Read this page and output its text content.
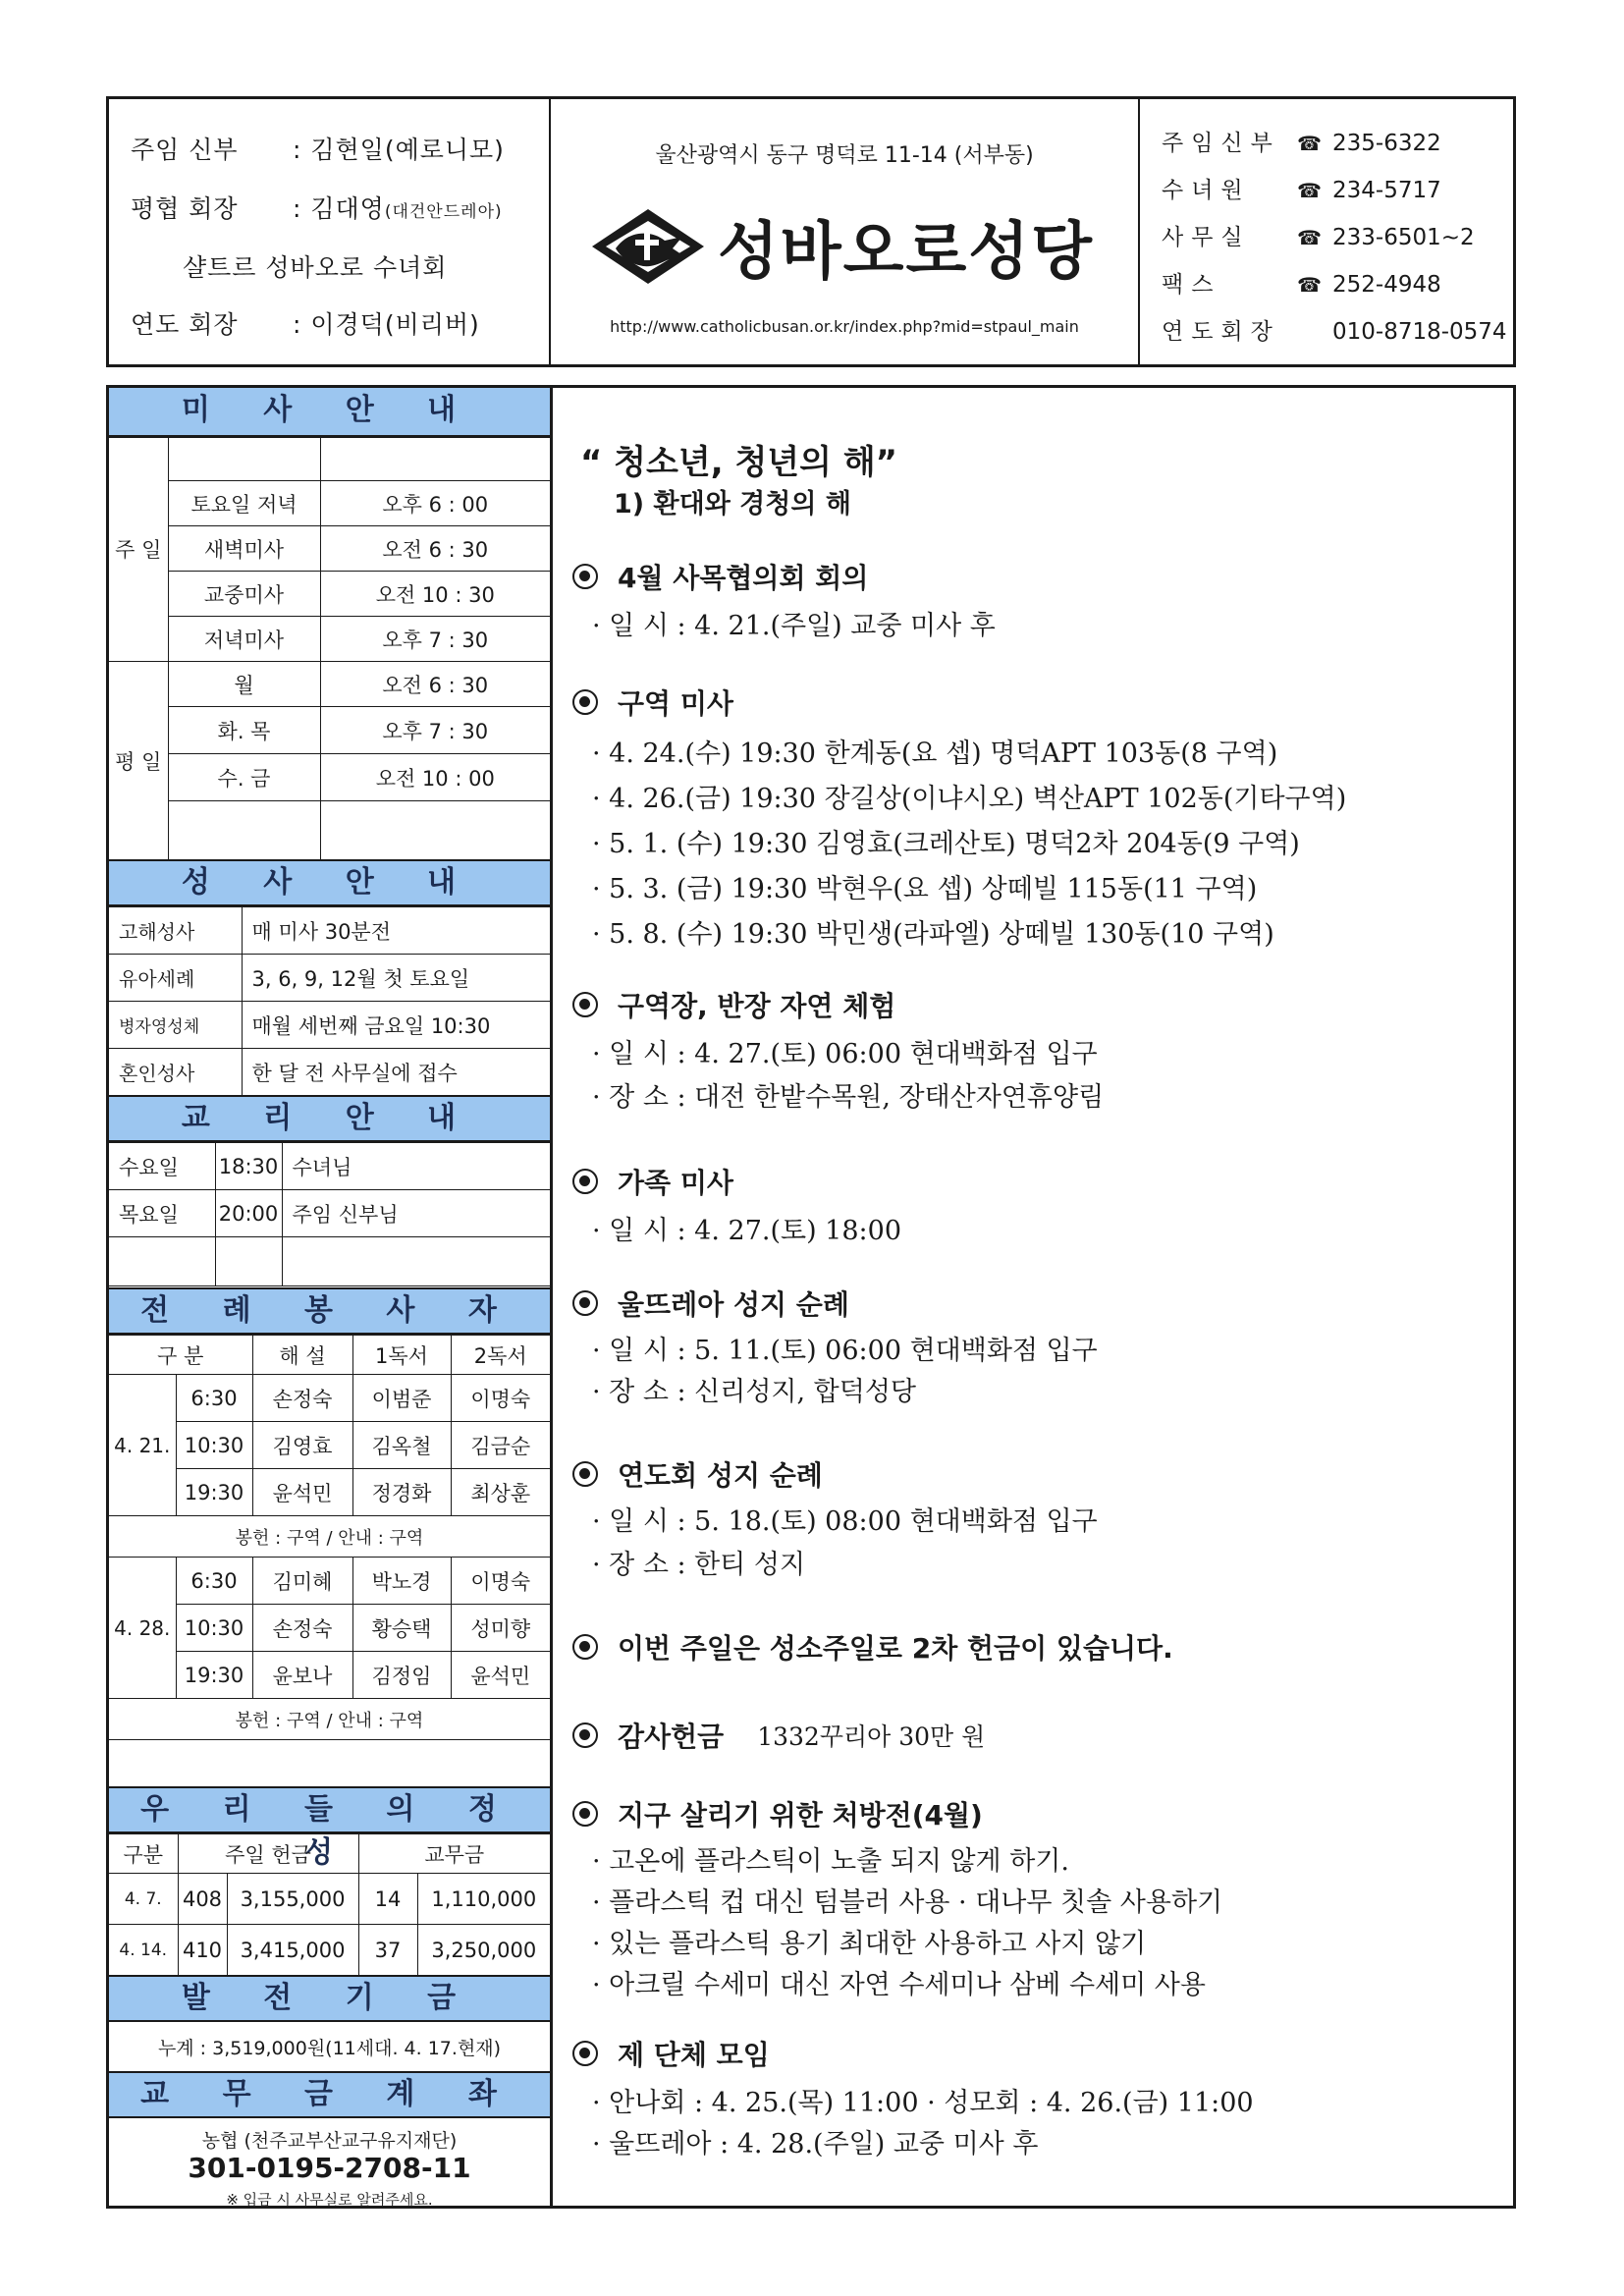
주임 신부 : 김현일(예로니모)
평협 회장 : 김대영(대건안드레아)
샬트르 성바오로 수녀회
연도 회장 : 이경덕(비리버)
울산광역시 동구 명덕로 11-14 (서부동)
성바오로성당
http://www.catholicbusan.or.kr/index.php?mid=stpaul_main
주임신부 ☎ 235-6322
수녀원 ☎ 234-5717
사무실 ☎ 233-6501~2
팩스	☎ 252-4948
연도회장 010-8718-0574
미 사 안 내
주 일		
	토요일 저녁	오후 6 : 00
	새벽미사	오전 6 : 30
	교중미사	오전 10 : 30
	저녁미사	오후 7 : 30
평 일	월	오전 6 : 30
	화. 목	오후 7 : 30
	수. 금	오전 10 : 00

성 사 안 내
고해성사	매 미사 30분전
유아세례	3, 6, 9, 12월 첫 토요일
병자영성체	매월 세번째 금요일 10:30
혼인성사	한 달 전 사무실에 접수
교 리 안 내
수요일	18:30	수녀님
목요일	20:00	주임 신부님

전 례 봉 사 자
구 분		해 설	1독서	2독서
4. 21.	6:30	손정숙	이범준	이명숙
	10:30	김영효	김옥철	김금순
	19:30	윤석민	정경화	최상훈
봉헌 : 구역 / 안내 : 구역				
4. 28.	6:30	김미혜	박노경	이명숙
	10:30	손정숙	황승택	성미향
	19:30	윤보나	김정임	윤석민
봉헌 : 구역 / 안내 : 구역				
우 리 들 의 정 성
구분	주일 헌금		교무금	
4. 7.	408	3,155,000	14	1,110,000
4. 14.	410	3,415,000	37	3,250,000
발 전 기 금
누계 : 3,519,000원(11세대. 4. 17.현재)
교 무 금 계 좌
농협 (천주교부산교구유지재단)
301-0195-2708-11
※ 입금 시 사무실로 알려주세요.
“ 청소년, 청년의 해”
1) 환대와 경청의 해
4월 사목협의회 회의
· 일 시 : 4. 21.(주일) 교중 미사 후
구역 미사
· 4. 24.(수) 19:30 한계동(요 셉) 명덕APT 103동(8 구역)
· 4. 26.(금) 19:30 장길상(이냐시오) 벽산APT 102동(기타구역)
· 5. 1. (수) 19:30 김영효(크레산토) 명덕2차 204동(9 구역)
· 5. 3. (금) 19:30 박현우(요 셉) 상떼빌 115동(11 구역)
· 5. 8. (수) 19:30 박민생(라파엘) 상떼빌 130동(10 구역)
구역장, 반장 자연 체험
· 일 시 : 4. 27.(토) 06:00 현대백화점 입구
· 장 소 : 대전 한밭수목원, 장태산자연휴양림
가족 미사
· 일 시 : 4. 27.(토) 18:00
울뜨레아 성지 순례
· 일 시 : 5. 11.(토) 06:00 현대백화점 입구
· 장 소 : 신리성지, 합덕성당
연도회 성지 순례
· 일 시 : 5. 18.(토) 08:00 현대백화점 입구
· 장 소 : 한티 성지
이번 주일은 성소주일로 2차 헌금이 있습니다.
감사헌금 1332꾸리아 30만 원
지구 살리기 위한 처방전(4월)
· 고온에 플라스틱이 노출 되지 않게 하기.
· 플라스틱 컵 대신 텀블러 사용 · 대나무 칫솔 사용하기
· 있는 플라스틱 용기 최대한 사용하고 사지 않기
· 아크릴 수세미 대신 자연 수세미나 삼베 수세미 사용
제 단체 모임
· 안나회 : 4. 25.(목) 11:00 · 성모회 : 4. 26.(금) 11:00
· 울뜨레아 : 4. 28.(주일) 교중 미사 후
